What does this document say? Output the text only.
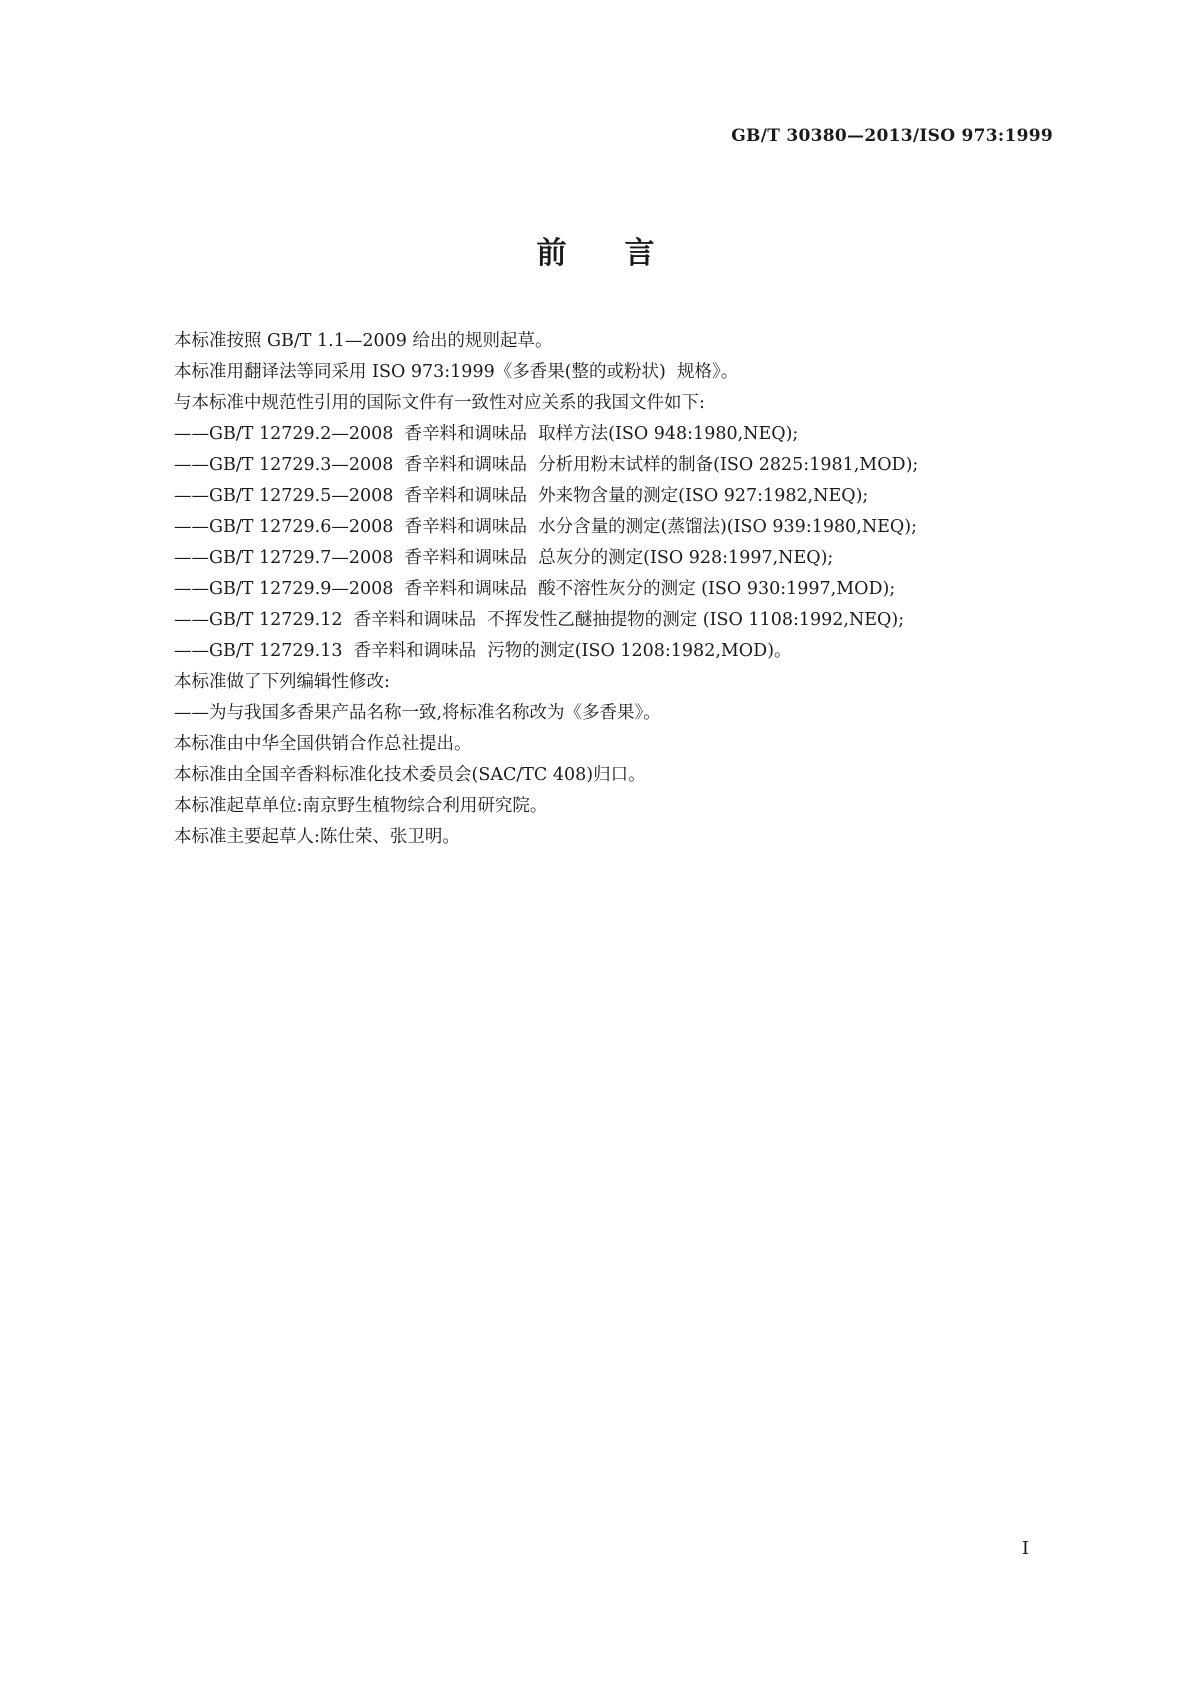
GB/T 30380—2013/ISO 973:1999
前言
本标准按照 GB/T 1.1—2009 给出的规则起草。
本标准用翻译法等同采用 ISO 973:1999《多香果(整的或粉状)  规格》。
与本标准中规范性引用的国际文件有一致性对应关系的我国文件如下:
——GB/T 12729.2—2008  香辛料和调味品  取样方法(ISO 948:1980,NEQ);
——GB/T 12729.3—2008  香辛料和调味品  分析用粉末试样的制备(ISO 2825:1981,MOD);
——GB/T 12729.5—2008  香辛料和调味品  外来物含量的测定(ISO 927:1982,NEQ);
——GB/T 12729.6—2008  香辛料和调味品  水分含量的测定(蒸馏法)(ISO 939:1980,NEQ);
——GB/T 12729.7—2008  香辛料和调味品  总灰分的测定(ISO 928:1997,NEQ);
——GB/T 12729.9—2008  香辛料和调味品  酸不溶性灰分的测定 (ISO 930:1997,MOD);
——GB/T 12729.12  香辛料和调味品  不挥发性乙醚抽提物的测定 (ISO 1108:1992,NEQ);
——GB/T 12729.13  香辛料和调味品  污物的测定(ISO 1208:1982,MOD)。
本标准做了下列编辑性修改:
——为与我国多香果产品名称一致,将标准名称改为《多香果》。
本标准由中华全国供销合作总社提出。
本标准由全国辛香料标准化技术委员会(SAC/TC 408)归口。
本标准起草单位:南京野生植物综合利用研究院。
本标准主要起草人:陈仕荣、张卫明。
I
